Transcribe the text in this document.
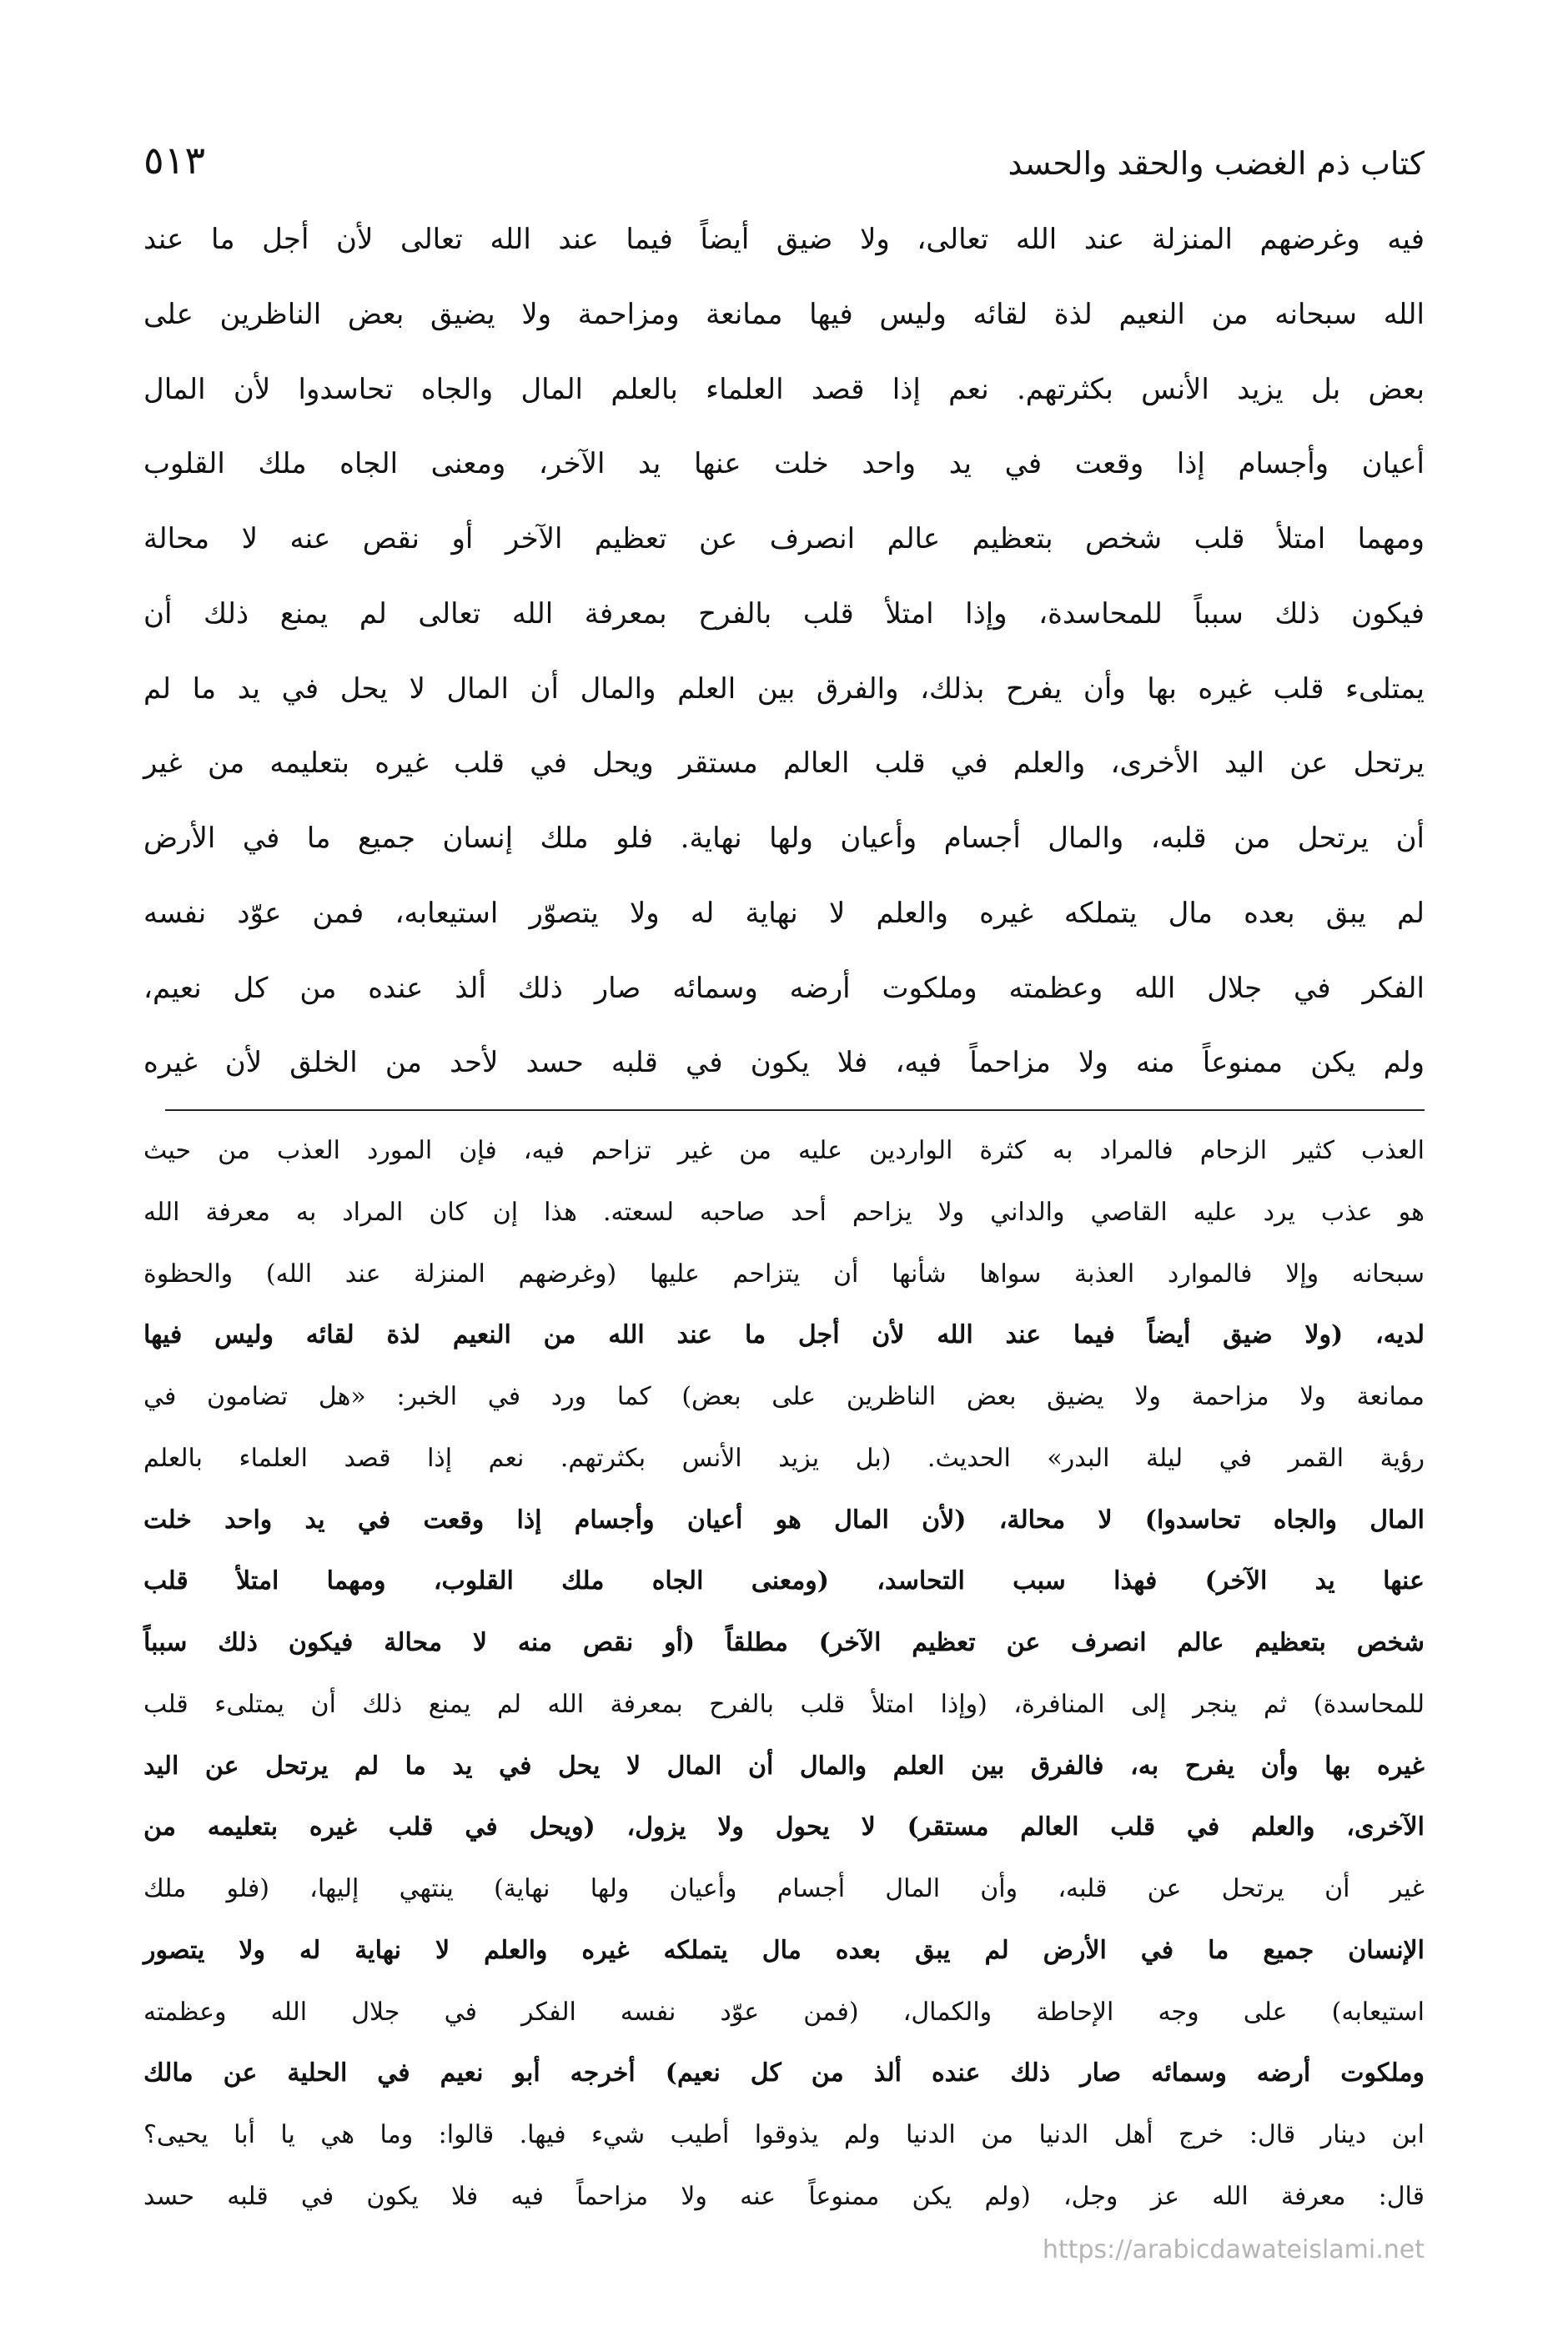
كتاب ذم الغضب والحقد والحسد
٥١٣
فيه وغرضهم المنزلة عند الله تعالى، ولا ضيق أيضاً فيما عند الله تعالى لأن أجل ما عند
الله سبحانه من النعيم لذة لقائه وليس فيها ممانعة ومزاحمة ولا يضيق بعض الناظرين على
بعض بل يزيد الأنس بكثرتهم. نعم إذا قصد العلماء بالعلم المال والجاه تحاسدوا لأن المال
أعيان وأجسام إذا وقعت في يد واحد خلت عنها يد الآخر، ومعنى الجاه ملك القلوب
ومهما امتلأ قلب شخص بتعظيم عالم انصرف عن تعظيم الآخر أو نقص عنه لا محالة
فيكون ذلك سبباً للمحاسدة، وإذا امتلأ قلب بالفرح بمعرفة الله تعالى لم يمنع ذلك أن
يمتلىء قلب غيره بها وأن يفرح بذلك، والفرق بين العلم والمال أن المال لا يحل في يد ما لم
يرتحل عن اليد الأخرى، والعلم في قلب العالم مستقر ويحل في قلب غيره بتعليمه من غير
أن يرتحل من قلبه، والمال أجسام وأعيان ولها نهاية. فلو ملك إنسان جميع ما في الأرض
لم يبق بعده مال يتملكه غيره والعلم لا نهاية له ولا يتصوّر استيعابه، فمن عوّد نفسه
الفكر في جلال الله وعظمته وملكوت أرضه وسمائه صار ذلك ألذ عنده من كل نعيم،
ولم يكن ممنوعاً منه ولا مزاحماً فيه، فلا يكون في قلبه حسد لأحد من الخلق لأن غيره
العذب كثير الزحام فالمراد به كثرة الواردين عليه من غير تزاحم فيه، فإن المورد العذب من حيث
هو عذب يرد عليه القاصي والداني ولا يزاحم أحد صاحبه لسعته. هذا إن كان المراد به معرفة الله
سبحانه وإلا فالموارد العذبة سواها شأنها أن يتزاحم عليها (وغرضهم المنزلة عند الله) والحظوة
لديه، (ولا ضيق أيضاً فيما عند الله لأن أجل ما عند الله من النعيم لذة لقائه وليس فيها
ممانعة ولا مزاحمة ولا يضيق بعض الناظرين على بعض) كما ورد في الخبر: «هل تضامون في
رؤية القمر في ليلة البدر» الحديث. (بل يزيد الأنس بكثرتهم. نعم إذا قصد العلماء بالعلم
المال والجاه تحاسدوا) لا محالة، (لأن المال هو أعيان وأجسام إذا وقعت في يد واحد خلت
عنها يد الآخر) فهذا سبب التحاسد، (ومعنى الجاه ملك القلوب، ومهما امتلأ قلب
شخص بتعظيم عالم انصرف عن تعظيم الآخر) مطلقاً (أو نقص منه لا محالة فيكون ذلك سبباً
للمحاسدة) ثم ينجر إلى المنافرة، (وإذا امتلأ قلب بالفرح بمعرفة الله لم يمنع ذلك أن يمتلىء قلب
غيره بها وأن يفرح به، فالفرق بين العلم والمال أن المال لا يحل في يد ما لم يرتحل عن اليد
الآخرى، والعلم في قلب العالم مستقر) لا يحول ولا يزول، (ويحل في قلب غيره بتعليمه من
غير أن يرتحل عن قلبه، وأن المال أجسام وأعيان ولها نهاية) ينتهي إليها، (فلو ملك
الإنسان جميع ما في الأرض لم يبق بعده مال يتملكه غيره والعلم لا نهاية له ولا يتصور
استيعابه) على وجه الإحاطة والكمال، (فمن عوّد نفسه الفكر في جلال الله وعظمته
وملكوت أرضه وسمائه صار ذلك عنده ألذ من كل نعيم) أخرجه أبو نعيم في الحلية عن مالك
ابن دينار قال: خرج أهل الدنيا من الدنيا ولم يذوقوا أطيب شيء فيها. قالوا: وما هي يا أبا يحيى؟
قال: معرفة الله عز وجل، (ولم يكن ممنوعاً عنه ولا مزاحماً فيه فلا يكون في قلبه حسد
https://arabicdawateislami.net
